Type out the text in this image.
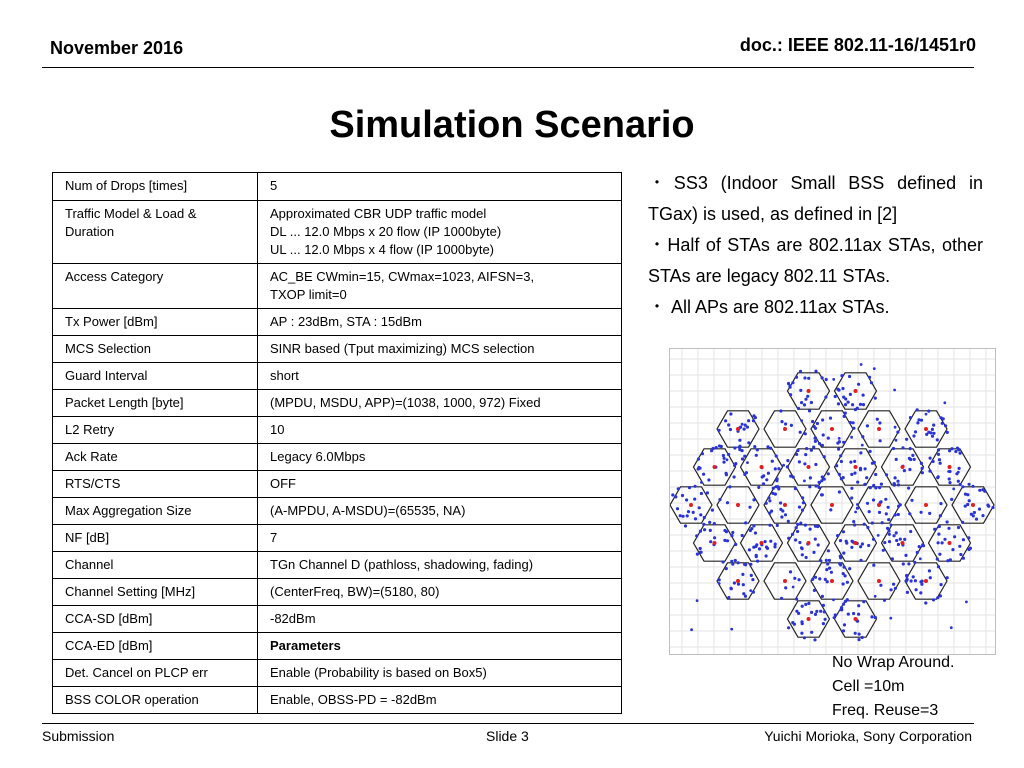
November 2016	doc.: IEEE 802.11-16/1451r0
Simulation Scenario
Num of Drops [times]	5

Traffic Model & Load & Duration	Approximated CBR UDP traffic model
DL ... 12.0 Mbps x 20 flow (IP 1000byte)
UL ... 12.0 Mbps x 4 flow (IP 1000byte)

Access Category	AC_BE CWmin=15, CWmax=1023, AIFSN=3,
TXOP limit=0

Tx Power [dBm]	AP : 23dBm, STA : 15dBm

MCS Selection	SINR based (Tput maximizing) MCS selection

Guard Interval	short

Packet Length [byte]	(MPDU, MSDU, APP)=(1038, 1000, 972) Fixed

L2 Retry	10

Ack Rate	Legacy 6.0Mbps

RTS/CTS	OFF

Max Aggregation Size	(A-MPDU, A-MSDU)=(65535, NA)

NF [dB]	7

Channel	TGn Channel D (pathloss, shadowing, fading)

Channel Setting [MHz]	(CenterFreq, BW)=(5180, 80)

CCA-SD [dBm]	-82dBm

CCA-ED [dBm]	Parameters

Det. Cancel on PLCP err	Enable (Probability is based on Box5)

BSS COLOR operation	Enable, OBSS-PD = -82dBm

・SS3 (Indoor Small BSS defined in TGax) is used, as defined in [2]

・Half of STAs are 802.11ax STAs, other STAs are legacy 802.11 STAs.

・ All APs are 802.11ax STAs.

No Wrap Around.
Cell =10m
Freq. Reuse=3
Submission	Slide 3	Yuichi Morioka, Sony Corporation
